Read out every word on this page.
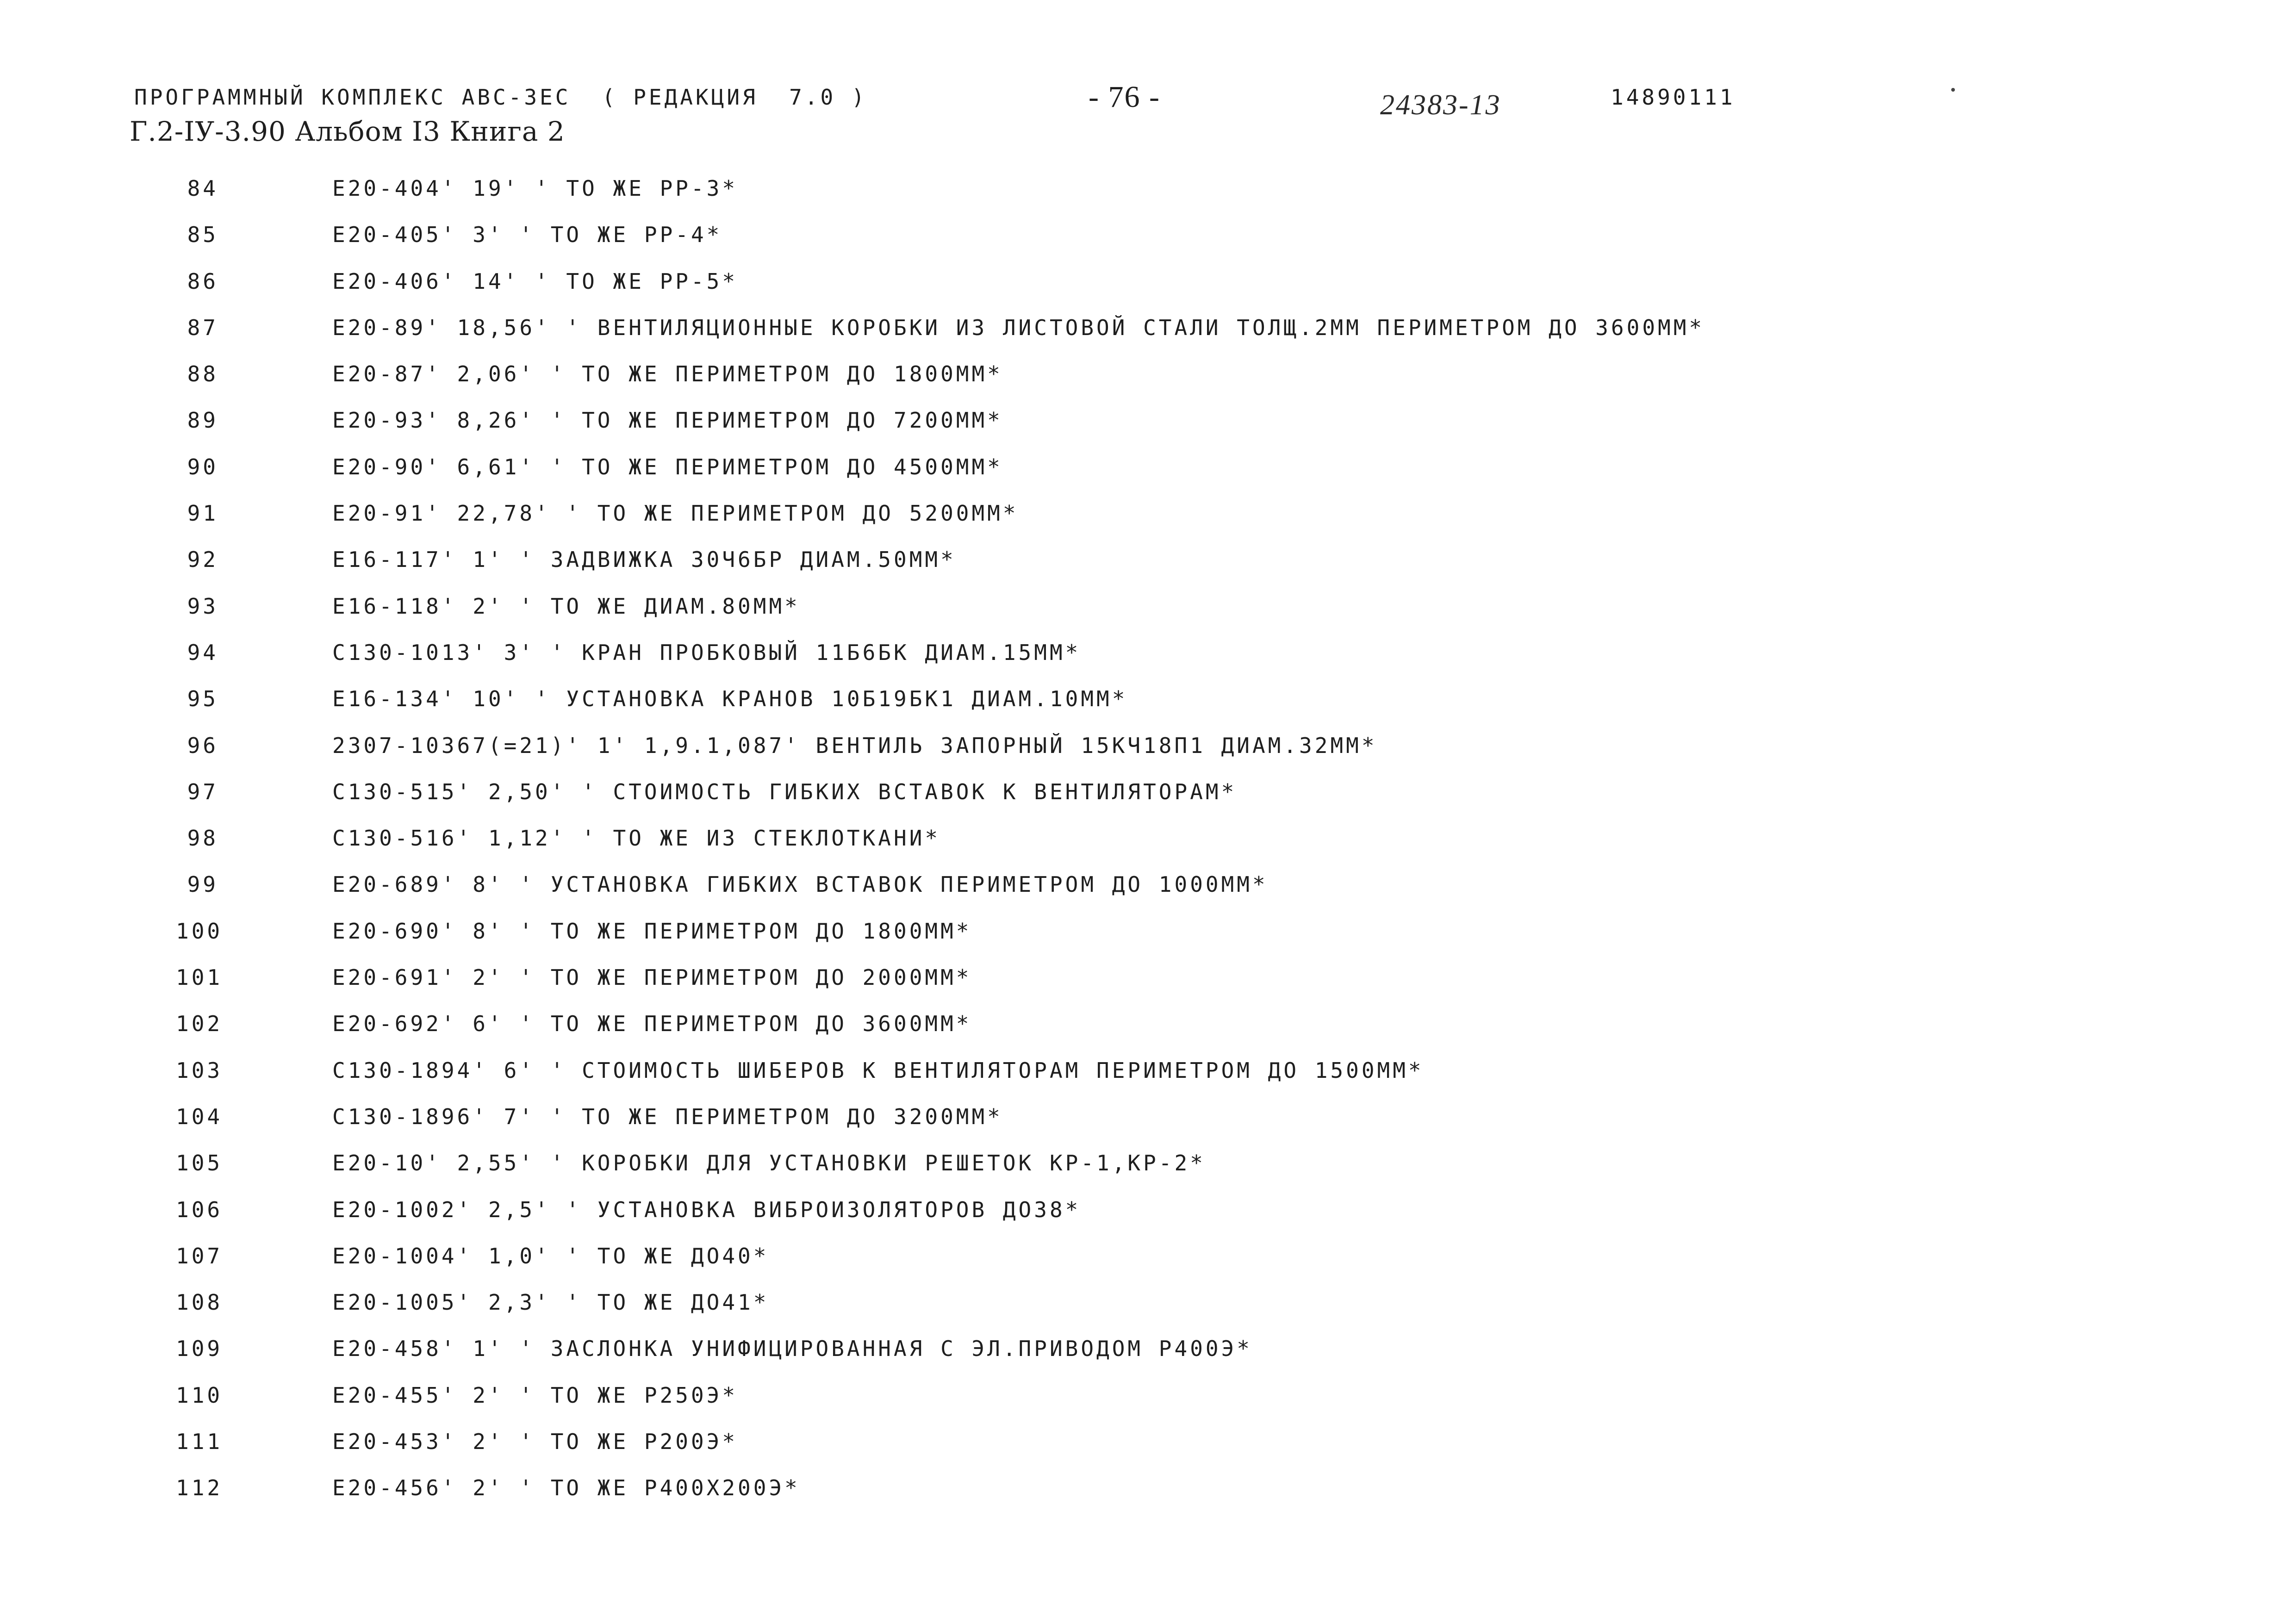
ПРОГРАММНЫЙ КОМПЛЕКС АВС-3ЕС  ( РЕДАКЦИЯ  7.0 )	- 76 -	24383-13	14890111
Г.2-IУ-3.90 Альбом I3 Книга 2
84	Е20-404' 19' ' ТО ЖЕ РР-3*
85	Е20-405' 3' ' ТО ЖЕ РР-4*
86	Е20-406' 14' ' ТО ЖЕ РР-5*
87	Е20-89' 18,56' ' ВЕНТИЛЯЦИОННЫЕ КОРОБКИ ИЗ ЛИСТОВОЙ СТАЛИ ТОЛЩ.2ММ ПЕРИМЕТРОМ ДО 3600ММ*
88	Е20-87' 2,06' ' ТО ЖЕ ПЕРИМЕТРОМ ДО 1800ММ*
89	Е20-93' 8,26' ' ТО ЖЕ ПЕРИМЕТРОМ ДО 7200ММ*
90	Е20-90' 6,61' ' ТО ЖЕ ПЕРИМЕТРОМ ДО 4500ММ*
91	Е20-91' 22,78' ' ТО ЖЕ ПЕРИМЕТРОМ ДО 5200ММ*
92	Е16-117' 1' ' ЗАДВИЖКА 30Ч6БР ДИАМ.50ММ*
93	Е16-118' 2' ' ТО ЖЕ ДИАМ.80ММ*
94	С130-1013' 3' ' КРАН ПРОБКОВЫЙ 11Б6БК ДИАМ.15ММ*
95	Е16-134' 10' ' УСТАНОВКА КРАНОВ 10Б19БК1 ДИАМ.10ММ*
96	2307-10367(=21)' 1' 1,9.1,087' ВЕНТИЛЬ ЗАПОРНЫЙ 15КЧ18П1 ДИАМ.32ММ*
97	С130-515' 2,50' ' СТОИМОСТЬ ГИБКИХ ВСТАВОК К ВЕНТИЛЯТОРАМ*
98	С130-516' 1,12' ' ТО ЖЕ ИЗ СТЕКЛОТКАНИ*
99	Е20-689' 8' ' УСТАНОВКА ГИБКИХ ВСТАВОК ПЕРИМЕТРОМ ДО 1000ММ*
100	Е20-690' 8' ' ТО ЖЕ ПЕРИМЕТРОМ ДО 1800ММ*
101	Е20-691' 2' ' ТО ЖЕ ПЕРИМЕТРОМ ДО 2000ММ*
102	Е20-692' 6' ' ТО ЖЕ ПЕРИМЕТРОМ ДО 3600ММ*
103	С130-1894' 6' ' СТОИМОСТЬ ШИБЕРОВ К ВЕНТИЛЯТОРАМ ПЕРИМЕТРОМ ДО 1500ММ*
104	С130-1896' 7' ' ТО ЖЕ ПЕРИМЕТРОМ ДО 3200ММ*
105	Е20-10' 2,55' ' КОРОБКИ ДЛЯ УСТАНОВКИ РЕШЕТОК КР-1,КР-2*
106	Е20-1002' 2,5' ' УСТАНОВКА ВИБРОИЗОЛЯТОРОВ ДО38*
107	Е20-1004' 1,0' ' ТО ЖЕ ДО40*
108	Е20-1005' 2,3' ' ТО ЖЕ ДО41*
109	Е20-458' 1' ' ЗАСЛОНКА УНИФИЦИРОВАННАЯ С ЭЛ.ПРИВОДОМ Р400Э*
110	Е20-455' 2' ' ТО ЖЕ Р250Э*
111	Е20-453' 2' ' ТО ЖЕ Р200Э*
112	Е20-456' 2' ' ТО ЖЕ Р400Х200Э*
